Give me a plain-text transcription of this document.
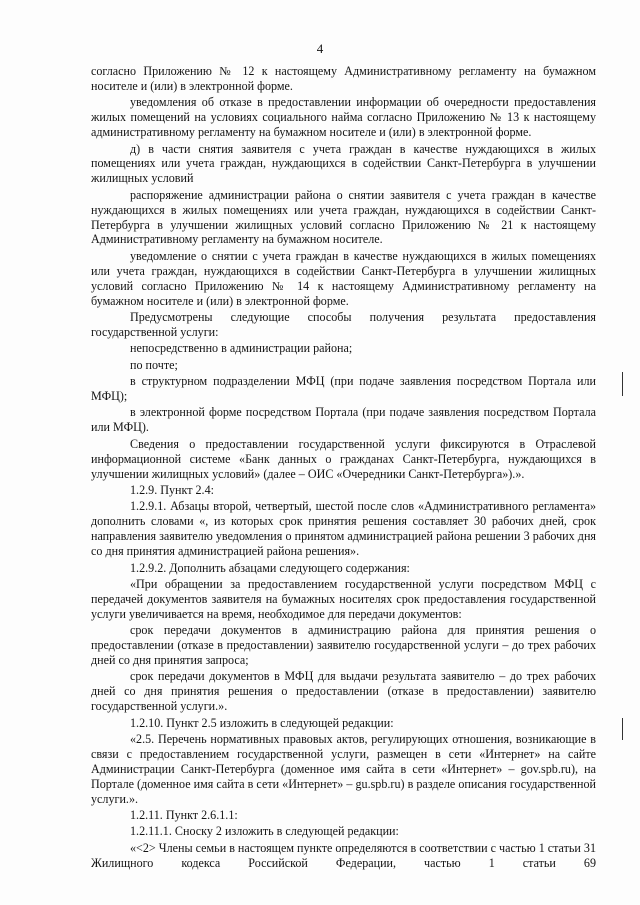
4

согласно Приложению № 12 к настоящему Административному регламенту на бумажном носителе и (или) в электронной форме.

уведомления об отказе в предоставлении информации об очередности предоставления жилых помещений на условиях социального найма согласно Приложению № 13 к настоящему административному регламенту на бумажном носителе и (или) в электронной форме.

д) в части снятия заявителя с учета граждан в качестве нуждающихся в жилых помещениях или учета граждан, нуждающихся в содействии Санкт-Петербурга в улучшении жилищных условий

распоряжение администрации района о снятии заявителя с учета граждан в качестве нуждающихся в жилых помещениях или учета граждан, нуждающихся в содействии Санкт-Петербурга в улучшении жилищных условий согласно Приложению № 21 к настоящему Административному регламенту на бумажном носителе.

уведомление о снятии с учета граждан в качестве нуждающихся в жилых помещениях или учета граждан, нуждающихся в содействии Санкт-Петербурга в улучшении жилищных условий согласно Приложению № 14 к настоящему Административному регламенту на бумажном носителе и (или) в электронной форме.

Предусмотрены следующие способы получения результата предоставления государственной услуги:

непосредственно в администрации района;

по почте;

в структурном подразделении МФЦ (при подаче заявления посредством Портала или МФЦ);

в электронной форме посредством Портала (при подаче заявления посредством Портала или МФЦ).

Сведения о предоставлении государственной услуги фиксируются в Отраслевой информационной системе «Банк данных о гражданах Санкт-Петербурга, нуждающихся в улучшении жилищных условий» (далее – ОИС «Очередники Санкт-Петербурга»).».

1.2.9. Пункт 2.4:

1.2.9.1. Абзацы второй, четвертый, шестой после слов «Административного регламента» дополнить словами «, из которых срок принятия решения составляет 30 рабочих дней, срок направления заявителю уведомления о принятом администрацией района решении 3 рабочих дня со дня принятия администрацией района решения».

1.2.9.2. Дополнить абзацами следующего содержания:

«При обращении за предоставлением государственной услуги посредством МФЦ с передачей документов заявителя на бумажных носителях срок предоставления государственной услуги увеличивается на время, необходимое для передачи документов:

срок передачи документов в администрацию района для принятия решения о предоставлении (отказе в предоставлении) заявителю государственной услуги – до трех рабочих дней со дня принятия запроса;

срок передачи документов в МФЦ для выдачи результата заявителю – до трех рабочих дней со дня принятия решения о предоставлении (отказе в предоставлении) заявителю государственной услуги.».

1.2.10. Пункт 2.5 изложить в следующей редакции:

«2.5. Перечень нормативных правовых актов, регулирующих отношения, возникающие в связи с предоставлением государственной услуги, размещен в сети «Интернет» на сайте Администрации Санкт-Петербурга (доменное имя сайта в сети «Интернет» – gov.spb.ru), на Портале (доменное имя сайта в сети «Интернет» – gu.spb.ru) в разделе описания государственной услуги.».

1.2.11. Пункт 2.6.1.1:

1.2.11.1. Сноску 2 изложить в следующей редакции:

«<2> Члены семьи в настоящем пункте определяются в соответствии с частью 1 статьи 31 Жилищного кодекса Российской Федерации, частью 1 статьи 69
